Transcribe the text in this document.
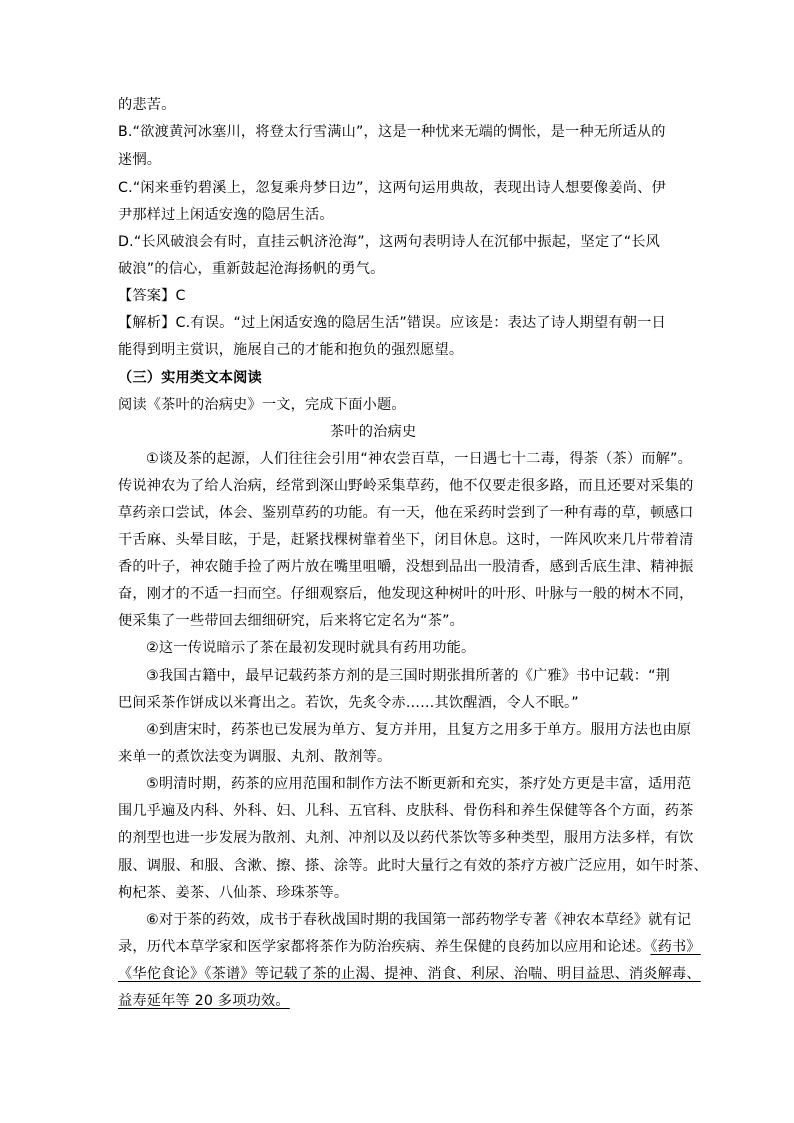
的悲苦。
B.“欲渡黄河冰塞川，将登太行雪满山”，这是一种忧来无端的惆怅，是一种无所适从的
迷惘。
C.“闲来垂钓碧溪上，忽复乘舟梦日边”，这两句运用典故，表现出诗人想要像姜尚、伊
尹那样过上闲适安逸的隐居生活。
D.“长风破浪会有时，直挂云帆济沧海”，这两句表明诗人在沉郁中振起，坚定了“长风
破浪”的信心，重新鼓起沧海扬帆的勇气。
【答案】C
【解析】C.有误。“过上闲适安逸的隐居生活”错误。应该是：表达了诗人期望有朝一日
能得到明主赏识，施展自己的才能和抱负的强烈愿望。
（三）实用类文本阅读
阅读《茶叶的治病史》一文，完成下面小题。
茶叶的治病史
①谈及茶的起源，人们往往会引用“神农尝百草，一日遇七十二毒，得荼（茶）而解”。
传说神农为了给人治病，经常到深山野岭采集草药，他不仅要走很多路，而且还要对采集的
草药亲口尝试，体会、鉴别草药的功能。有一天，他在采药时尝到了一种有毒的草，顿感口
干舌麻、头晕目眩，于是，赶紧找棵树靠着坐下，闭目休息。这时，一阵风吹来几片带着清
香的叶子，神农随手捡了两片放在嘴里咀嚼，没想到品出一股清香，感到舌底生津、精神振
奋，刚才的不适一扫而空。仔细观察后，他发现这种树叶的叶形、叶脉与一般的树木不同，
便采集了一些带回去细细研究，后来将它定名为“茶”。
②这一传说暗示了茶在最初发现时就具有药用功能。
③我国古籍中，最早记载药茶方剂的是三国时期张揖所著的《广雅》书中记载：“荆
巴间采茶作饼成以米膏出之。若饮，先炙令赤……其饮醒酒，令人不眠。”
④到唐宋时，药茶也已发展为单方、复方并用，且复方之用多于单方。服用方法也由原
来单一的煮饮法变为调服、丸剂、散剂等。
⑤明清时期，药茶的应用范围和制作方法不断更新和充实，茶疗处方更是丰富，适用范
围几乎遍及内科、外科、妇、儿科、五官科、皮肤科、骨伤科和养生保健等各个方面，药茶
的剂型也进一步发展为散剂、丸剂、冲剂以及以药代茶饮等多种类型，服用方法多样，有饮
服、调服、和服、含漱、擦、搽、涂等。此时大量行之有效的茶疗方被广泛应用，如午时茶、
枸杞茶、姜茶、八仙茶、珍珠茶等。
⑥对于茶的药效，成书于春秋战国时期的我国第一部药物学专著《神农本草经》就有记
录，历代本草学家和医学家都将茶作为防治疾病、养生保健的良药加以应用和论述。《药书》
《华佗食论》《茶谱》等记载了茶的止渴、提神、消食、利尿、治喘、明目益思、消炎解毒、
益寿延年等 20 多项功效。
